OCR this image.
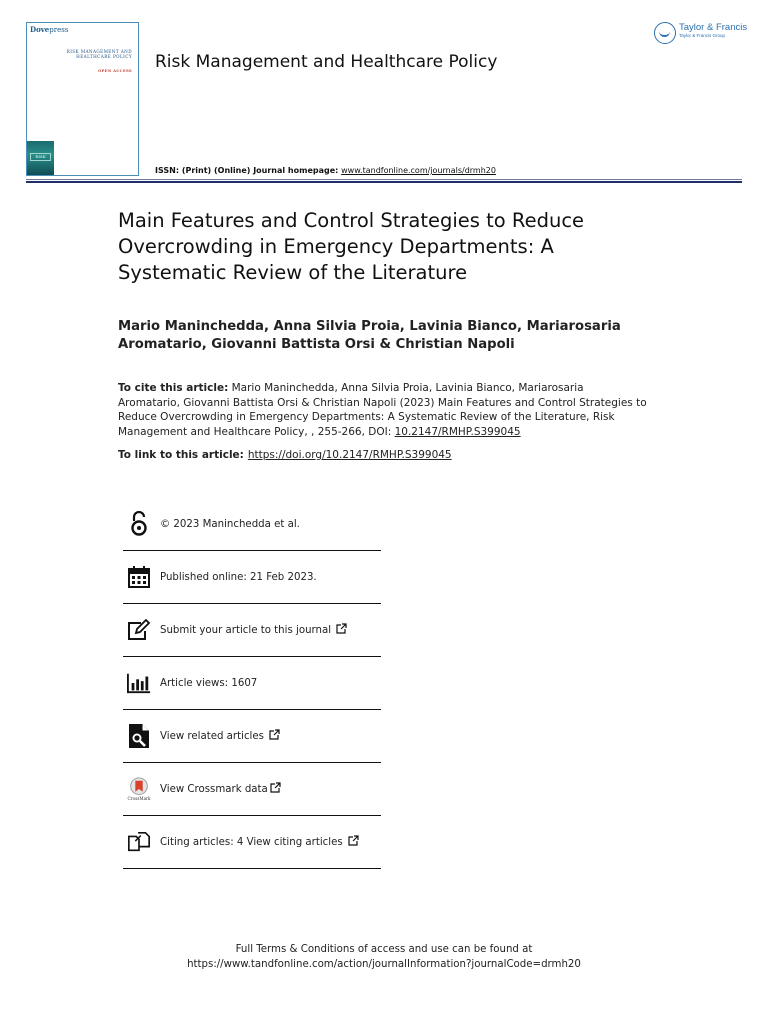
Dovepress
RISK MANAGEMENT AND
HEALTHCARE POLICY
OPEN ACCESS
RISK
Taylor & Francis
Taylor & Francis Group
Risk Management and Healthcare Policy
ISSN: (Print) (Online) Journal homepage: www.tandfonline.com/journals/drmh20
Main Features and Control Strategies to Reduce Overcrowding in Emergency Departments: A Systematic Review of the Literature
Mario Maninchedda, Anna Silvia Proia, Lavinia Bianco, Mariarosaria Aromatario, Giovanni Battista Orsi & Christian Napoli
To cite this article: Mario Maninchedda, Anna Silvia Proia, Lavinia Bianco, Mariarosaria Aromatario, Giovanni Battista Orsi & Christian Napoli (2023) Main Features and Control Strategies to Reduce Overcrowding in Emergency Departments: A Systematic Review of the Literature, Risk Management and Healthcare Policy, , 255-266, DOI: 10.2147/RMHP.S399045
To link to this article: https://doi.org/10.2147/RMHP.S399045
© 2023 Maninchedda et al.
Published online: 21 Feb 2023.
Submit your article to this journal
Article views: 1607
View related articles
CrossMark
View Crossmark data
Citing articles: 4 View citing articles
Full Terms & Conditions of access and use can be found at
https://www.tandfonline.com/action/journalInformation?journalCode=drmh20
